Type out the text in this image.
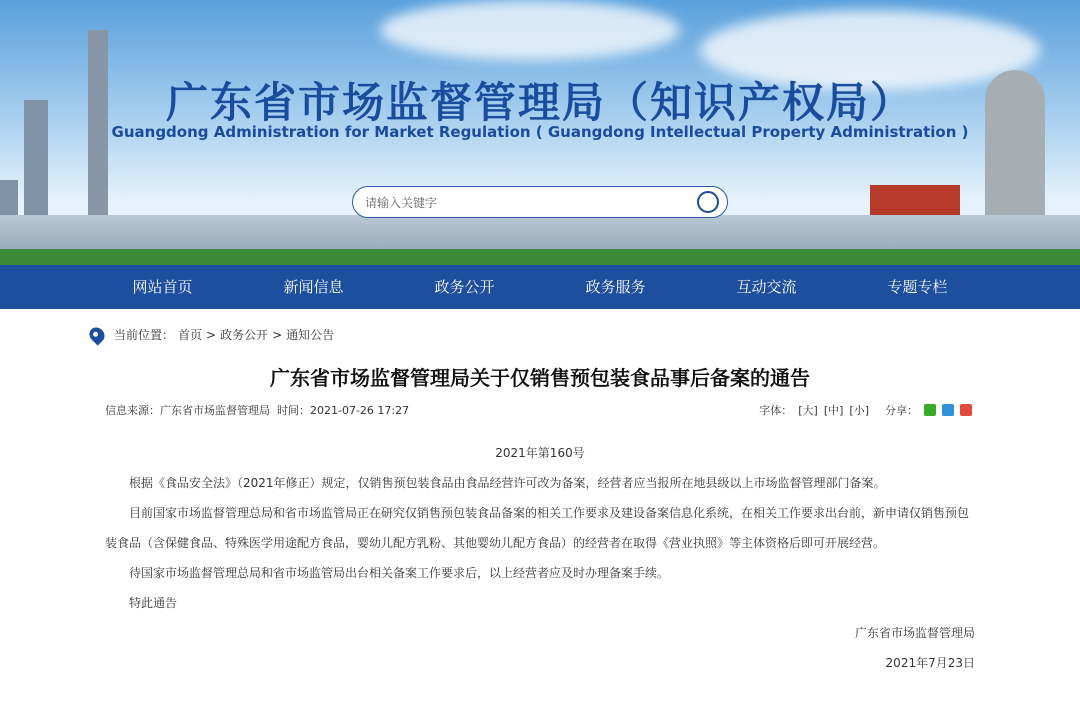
广东省市场监督管理局（知识产权局）
Guangdong Administration for Market Regulation ( Guangdong Intellectual Property Administration )
请输入关键字
网站首页	新闻信息	政务公开	政务服务	互动交流	专题专栏
当前位置： 首页 > 政务公开 > 通知公告
广东省市场监督管理局关于仅销售预包装食品事后备案的通告
信息来源：广东省市场监督管理局  时间：2021-07-26 17:27	字体： [大] [中] [小] 分享：
2021年第160号

根据《食品安全法》（2021年修正）规定，仅销售预包装食品由食品经营许可改为备案，经营者应当报所在地县级以上市场监督管理部门备案。

目前国家市场监督管理总局和省市场监管局正在研究仅销售预包装食品备案的相关工作要求及建设备案信息化系统，在相关工作要求出台前，新申请仅销售预包装食品（含保健食品、特殊医学用途配方食品，婴幼儿配方乳粉、其他婴幼儿配方食品）的经营者在取得《营业执照》等主体资格后即可开展经营。

待国家市场监督管理总局和省市场监管局出台相关备案工作要求后，以上经营者应及时办理备案手续。

特此通告

广东省市场监督管理局
2021年7月23日
